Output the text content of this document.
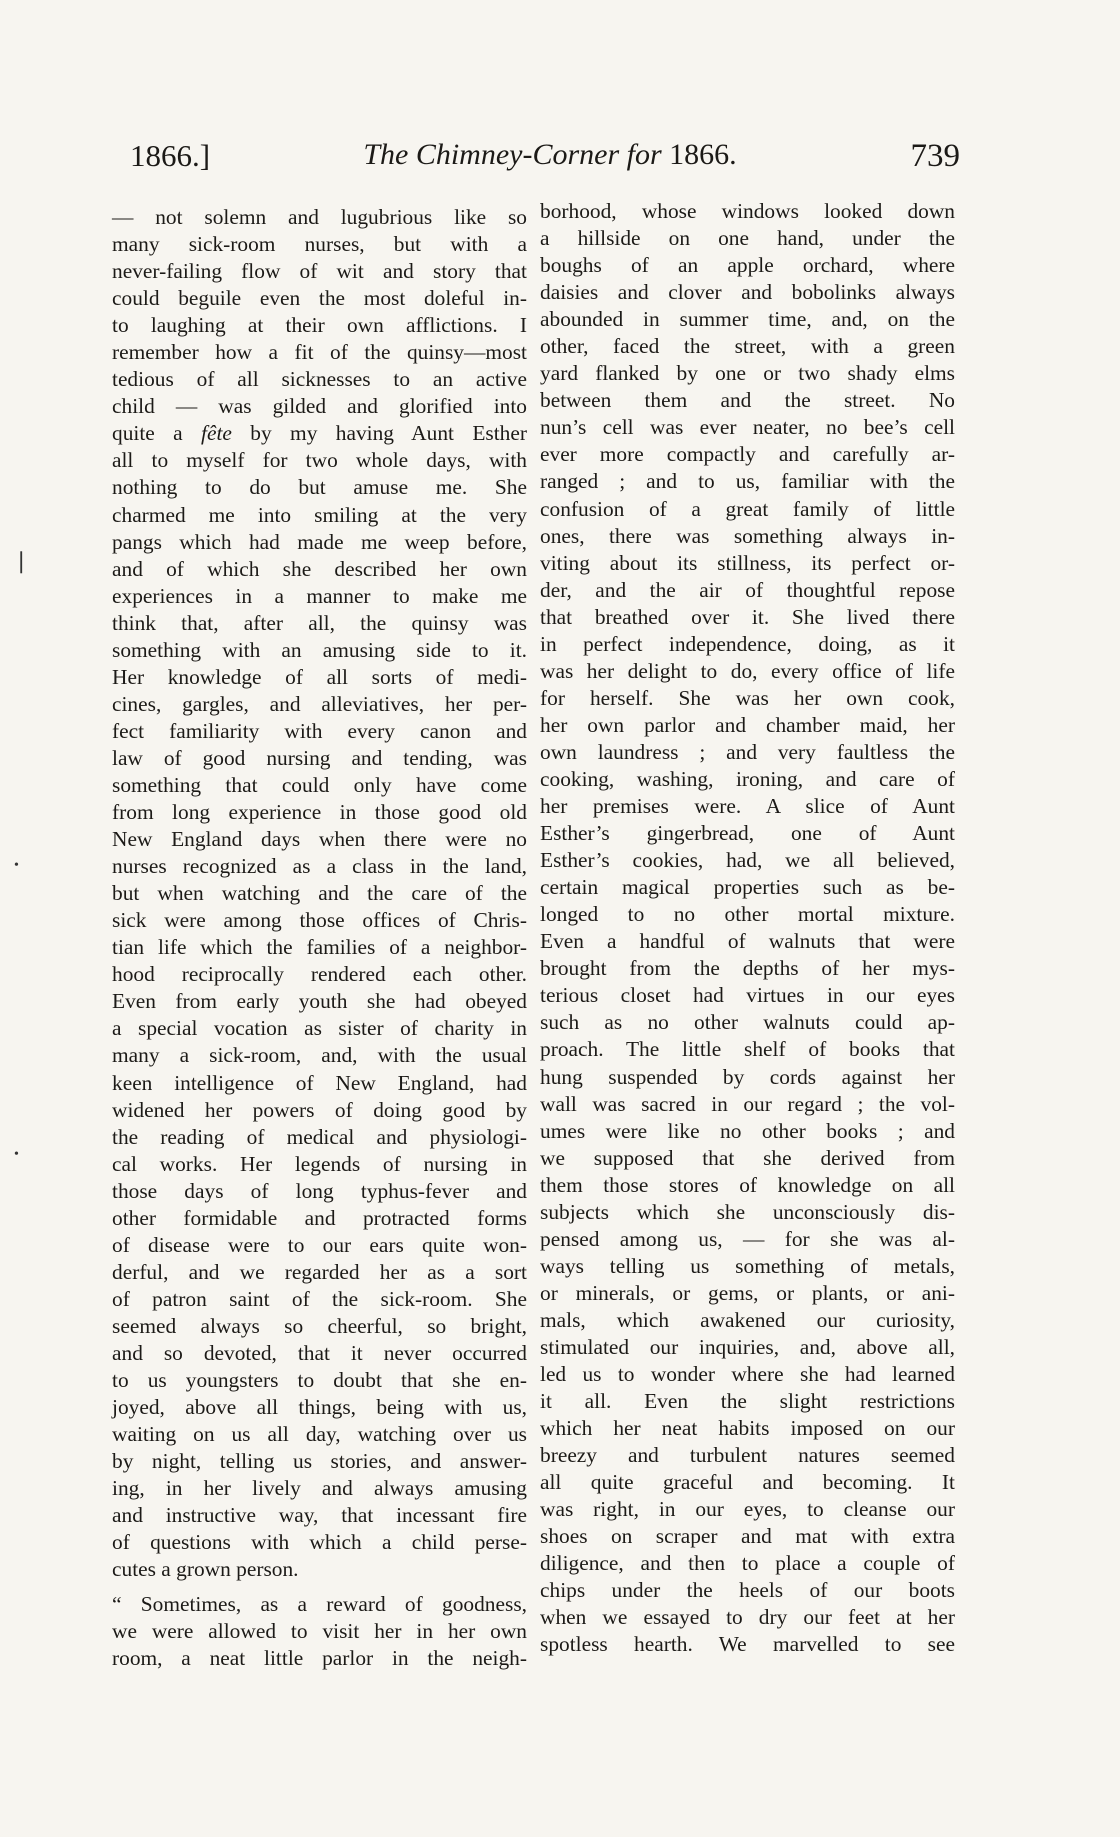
1866.]	The Chimney-Corner for 1866.	739
— not solemn and lugubrious like so
many sick-room nurses, but with a
never-failing flow of wit and story that
could beguile even the most doleful in-
to laughing at their own afflictions. I
remember how a fit of the quinsy—most
tedious of all sicknesses to an active
child — was gilded and glorified into
quite a fête by my having Aunt Esther
all to myself for two whole days, with
nothing to do but amuse me. She
charmed me into smiling at the very
pangs which had made me weep before,
and of which she described her own
experiences in a manner to make me
think that, after all, the quinsy was
something with an amusing side to it.
Her knowledge of all sorts of medi-
cines, gargles, and alleviatives, her per-
fect familiarity with every canon and
law of good nursing and tending, was
something that could only have come
from long experience in those good old
New England days when there were no
nurses recognized as a class in the land,
but when watching and the care of the
sick were among those offices of Chris-
tian life which the families of a neighbor-
hood reciprocally rendered each other.
Even from early youth she had obeyed
a special vocation as sister of charity in
many a sick-room, and, with the usual
keen intelligence of New England, had
widened her powers of doing good by
the reading of medical and physiologi-
cal works. Her legends of nursing in
those days of long typhus-fever and
other formidable and protracted forms
of disease were to our ears quite won-
derful, and we regarded her as a sort
of patron saint of the sick-room. She
seemed always so cheerful, so bright,
and so devoted, that it never occurred
to us youngsters to doubt that she en-
joyed, above all things, being with us,
waiting on us all day, watching over us
by night, telling us stories, and answer-
ing, in her lively and always amusing
and instructive way, that incessant fire
of questions with which a child perse-
cutes a grown person.
“ Sometimes, as a reward of goodness,
we were allowed to visit her in her own
room, a neat little parlor in the neigh-
borhood, whose windows looked down
a hillside on one hand, under the
boughs of an apple orchard, where
daisies and clover and bobolinks always
abounded in summer time, and, on the
other, faced the street, with a green
yard flanked by one or two shady elms
between them and the street. No
nun’s cell was ever neater, no bee’s cell
ever more compactly and carefully ar-
ranged ; and to us, familiar with the
confusion of a great family of little
ones, there was something always in-
viting about its stillness, its perfect or-
der, and the air of thoughtful repose
that breathed over it. She lived there
in perfect independence, doing, as it
was her delight to do, every office of life
for herself. She was her own cook,
her own parlor and chamber maid, her
own laundress ; and very faultless the
cooking, washing, ironing, and care of
her premises were. A slice of Aunt
Esther’s gingerbread, one of Aunt
Esther’s cookies, had, we all believed,
certain magical properties such as be-
longed to no other mortal mixture.
Even a handful of walnuts that were
brought from the depths of her mys-
terious closet had virtues in our eyes
such as no other walnuts could ap-
proach. The little shelf of books that
hung suspended by cords against her
wall was sacred in our regard ; the vol-
umes were like no other books ; and
we supposed that she derived from
them those stores of knowledge on all
subjects which she unconsciously dis-
pensed among us, — for she was al-
ways telling us something of metals,
or minerals, or gems, or plants, or ani-
mals, which awakened our curiosity,
stimulated our inquiries, and, above all,
led us to wonder where she had learned
it all. Even the slight restrictions
which her neat habits imposed on our
breezy and turbulent natures seemed
all quite graceful and becoming. It
was right, in our eyes, to cleanse our
shoes on scraper and mat with extra
diligence, and then to place a couple of
chips under the heels of our boots
when we essayed to dry our feet at her
spotless hearth. We marvelled to see
❘
•
•
